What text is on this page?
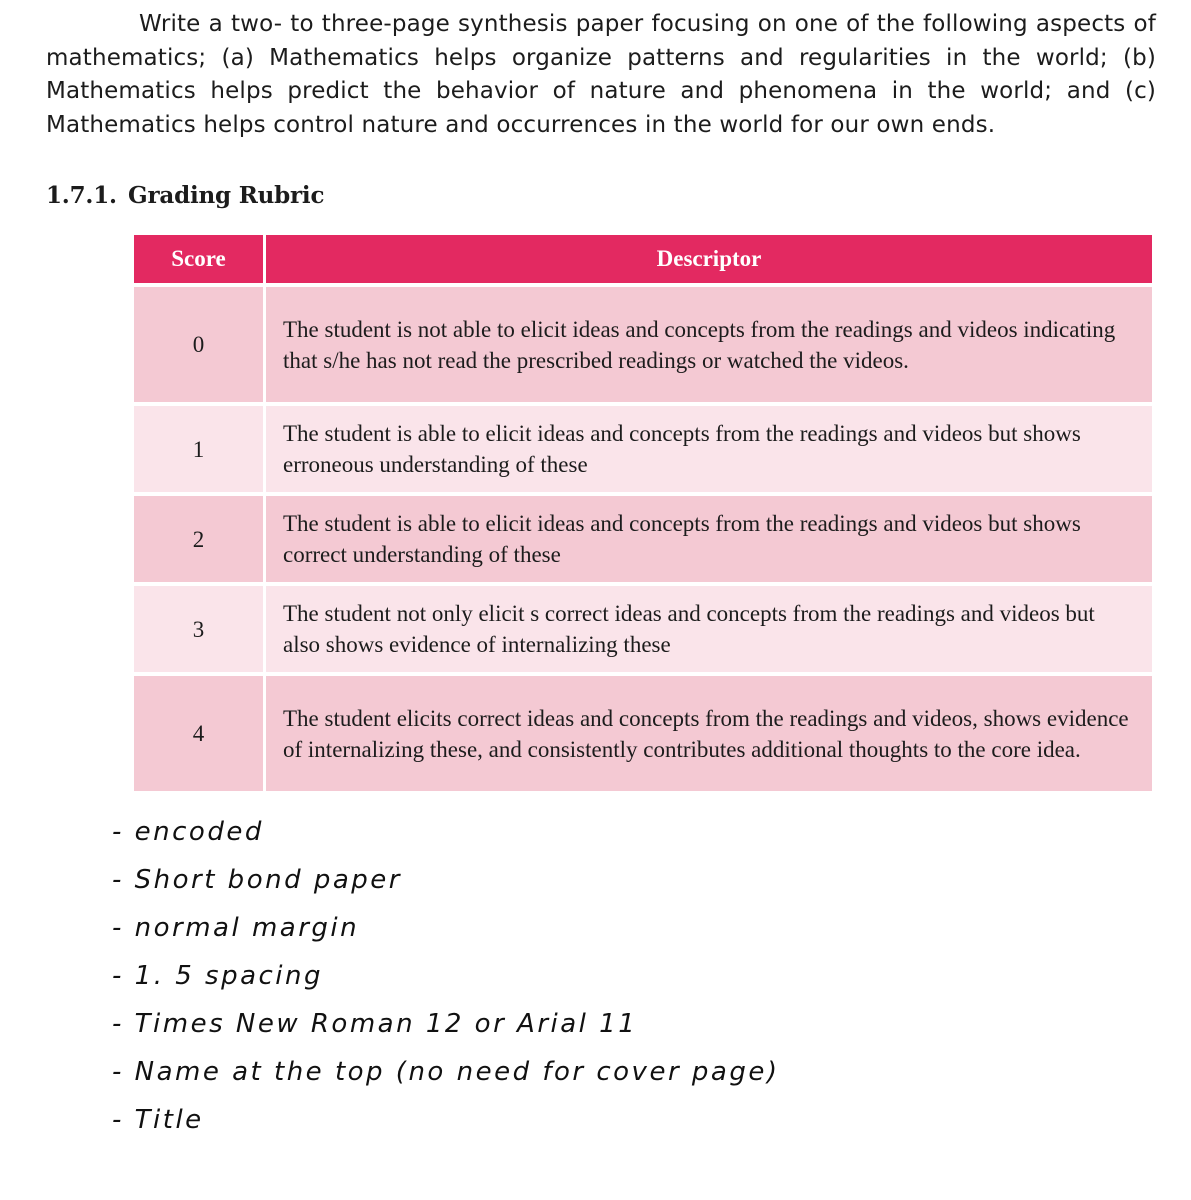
Write a two- to three-page synthesis paper focusing on one of the following aspects of mathematics; (a) Mathematics helps organize patterns and regularities in the world; (b) Mathematics helps predict the behavior of nature and phenomena in the world; and (c) Mathematics helps control nature and occurrences in the world for our own ends.

1.7.1. Grading Rubric
Score	Descriptor
0	The student is not able to elicit ideas and concepts from the readings and videos indicating that s/he has not read the prescribed readings or watched the videos.
1	The student is able to elicit ideas and concepts from the readings and videos but shows erroneous understanding of these
2	The student is able to elicit ideas and concepts from the readings and videos but shows correct understanding of these
3	The student not only elicit s correct ideas and concepts from the readings and videos but also shows evidence of internalizing these
4	The student elicits correct ideas and concepts from the readings and videos, shows evidence of internalizing these, and consistently contributes additional thoughts to the core idea.
- encoded
- Short bond paper
- normal margin
- 1. 5 spacing
- Times New Roman 12 or Arial 11
- Name at the top (no need for cover page)
- Title
